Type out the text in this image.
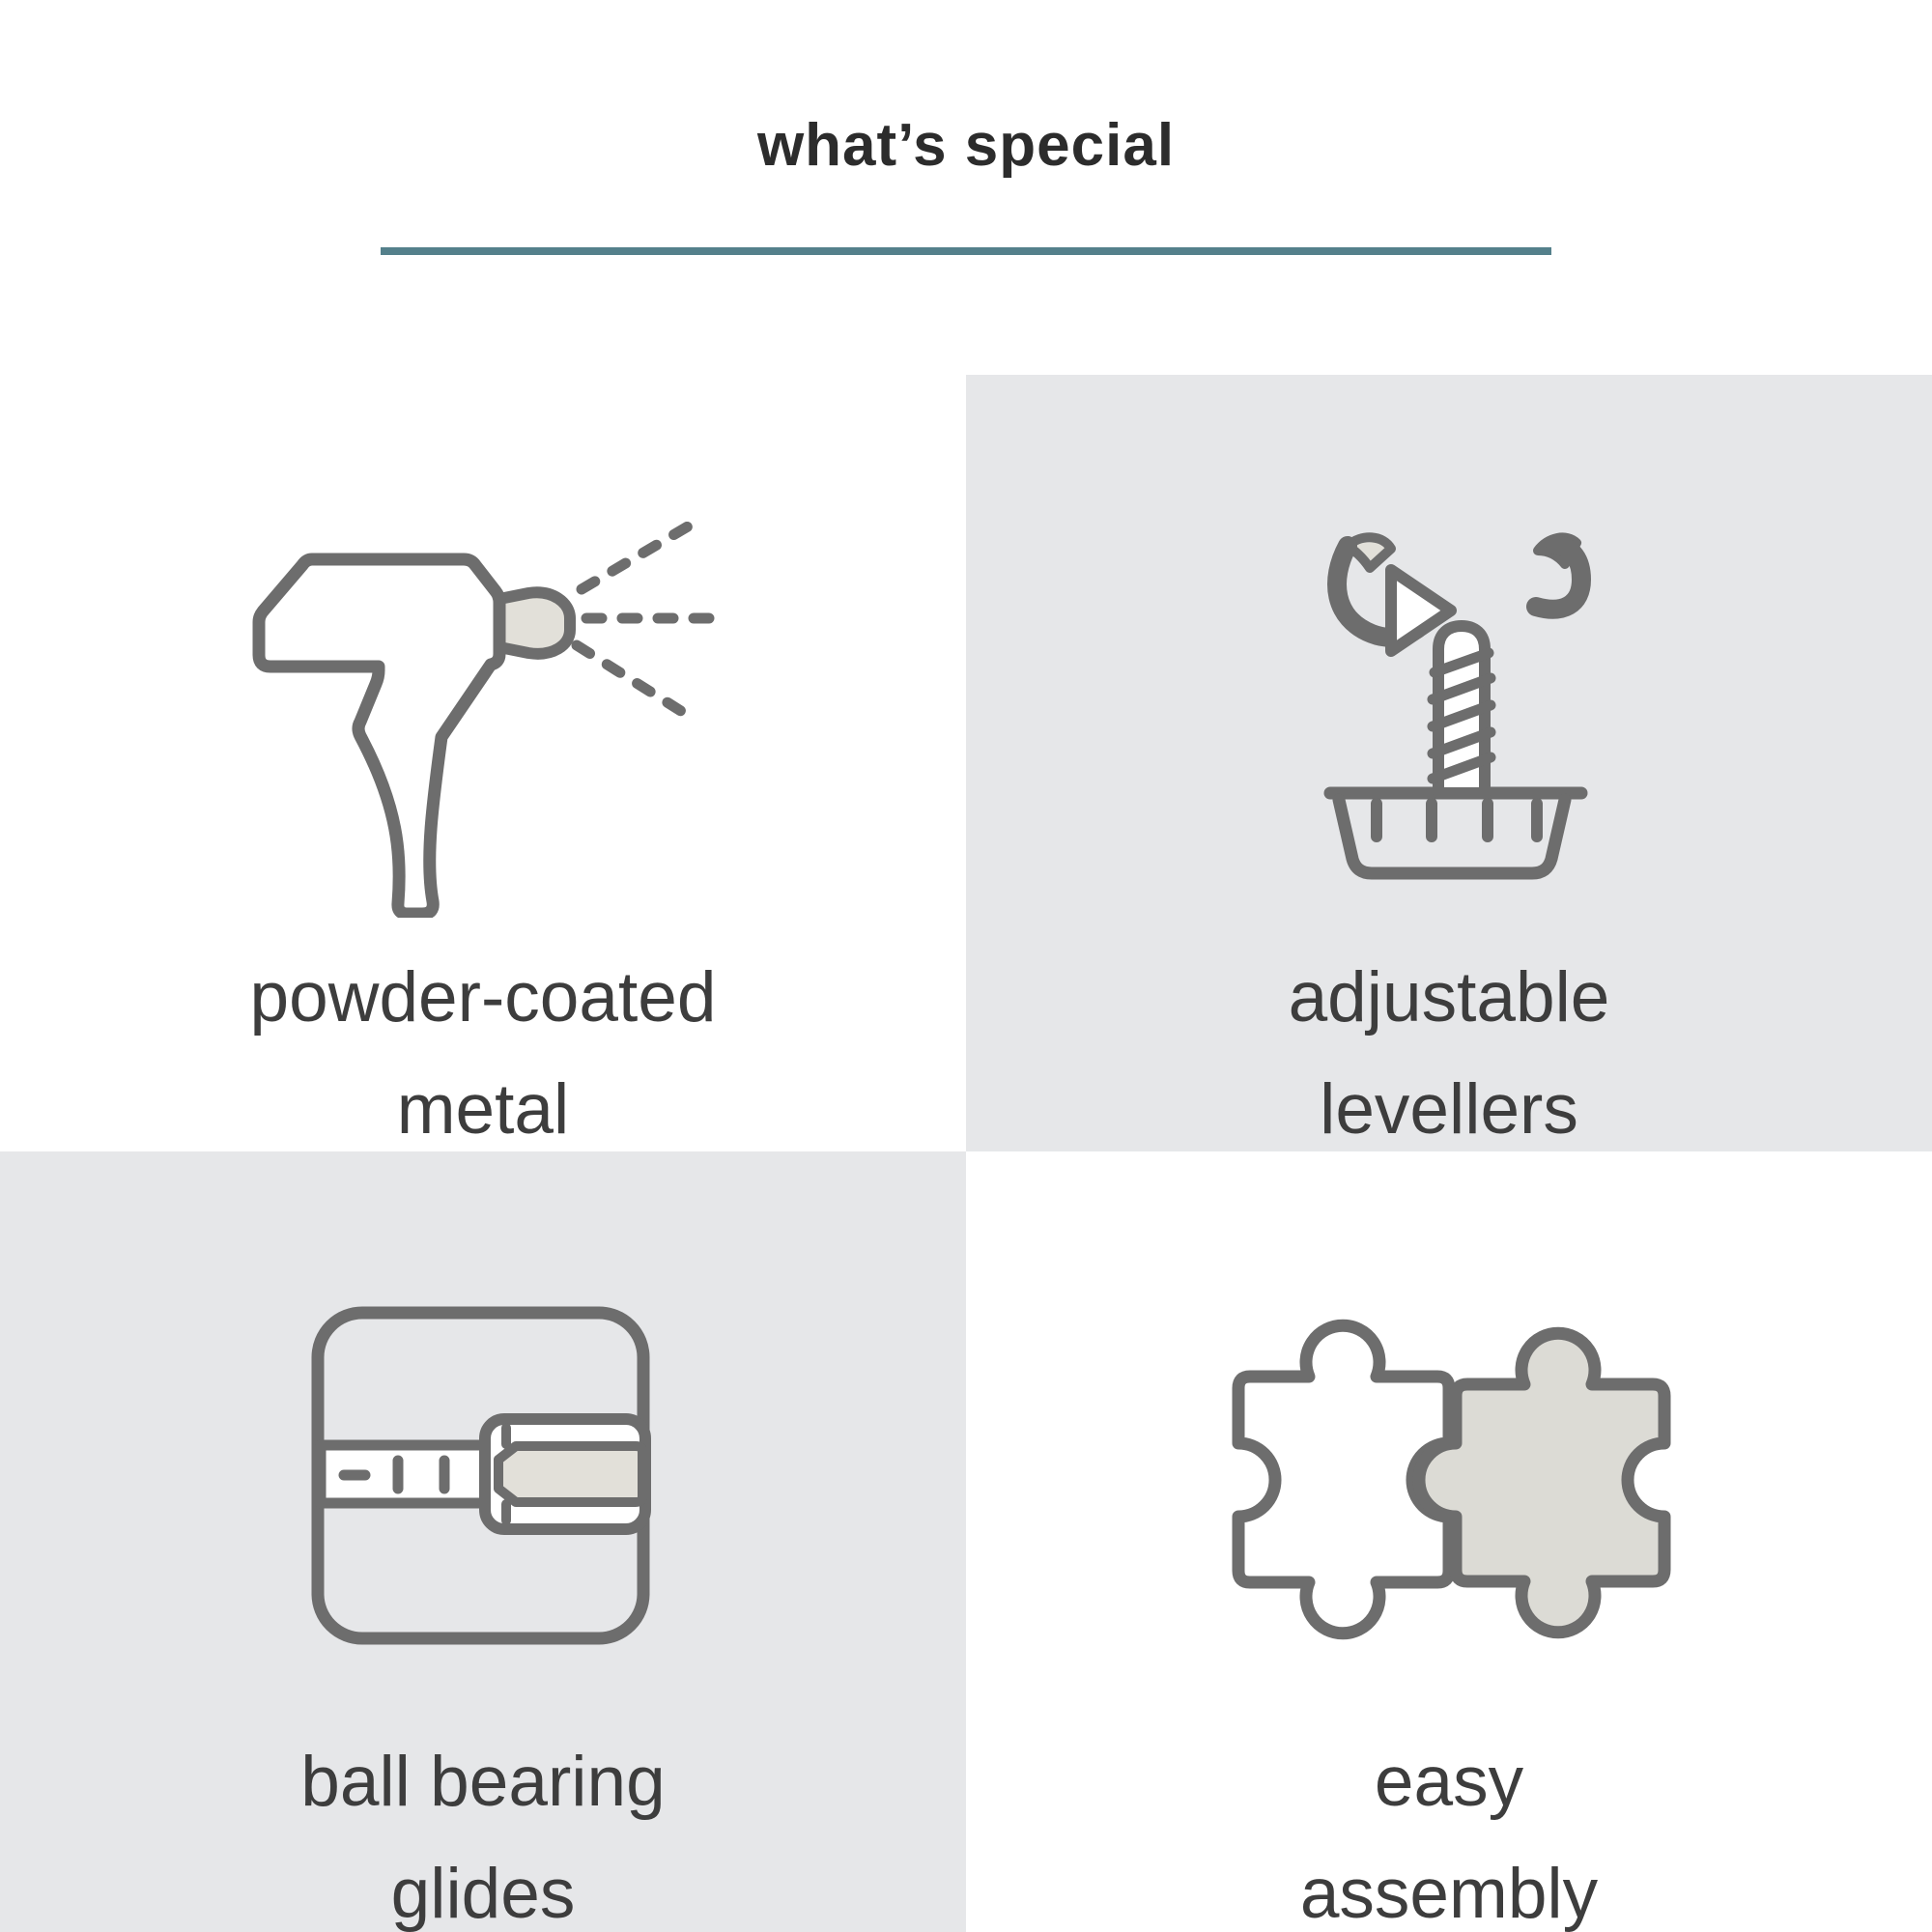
what’s special
powder-coated
metal
adjustable
levellers
ball bearing
glides
easy
assembly
